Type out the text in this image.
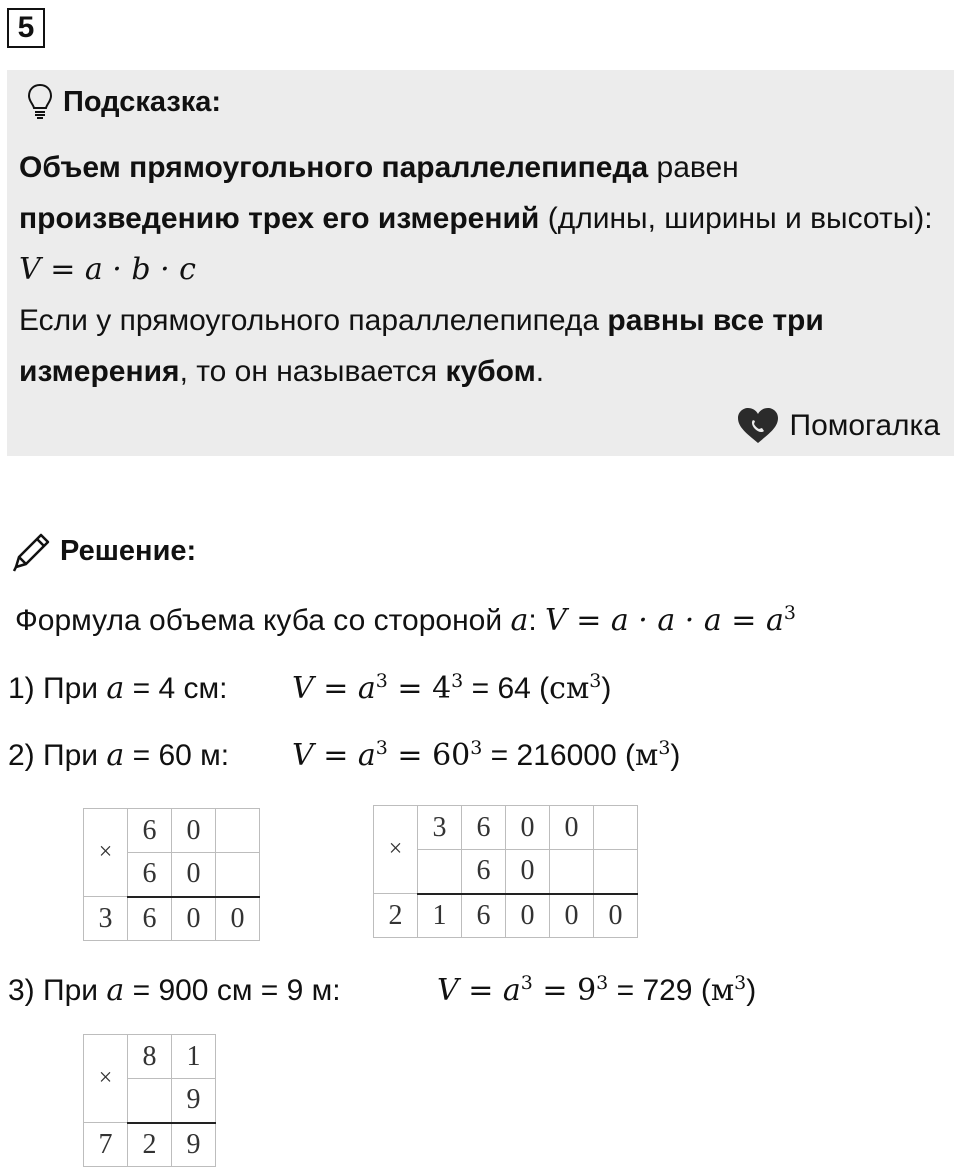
5
Подсказка:
Объем прямоугольного параллелепипеда равен произведению трех его измерений (длины, ширины и высоты): V = a · b · c
Если у прямоугольного параллелепипеда равны все три измерения, то он называется кубом.
Помогалка
Решение:
Формула объема куба со стороной a: $V = a \cdot a \cdot a = a^3$
1) При a = 4 см: $V = a^3 = 4^3 = 64$ $(см^3)$
2) При a = 60 м: $V = a^3 = 60^3 = 216000$ $(м^3)$
×	6	0	
	6	0	
3	6	0	0
×	3	6	0	0	
		6	0		
2	1	6	0	0	0
3) При a = 900 см = 9 м:	$V = a^3 = 9^3 = 729$ $(м^3)$
×	8	1
		9
7	2	9
